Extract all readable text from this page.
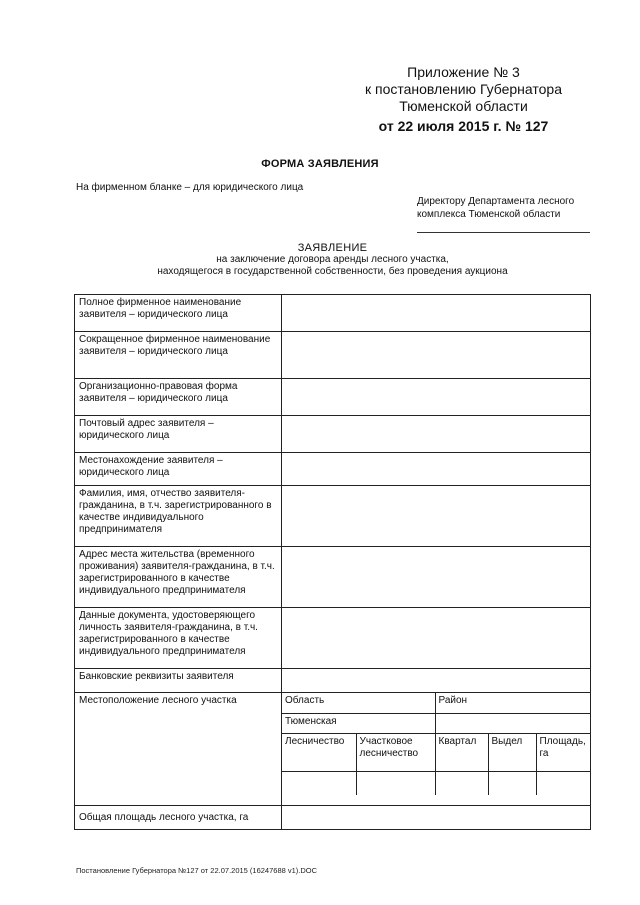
Приложение № 3
к постановлению Губернатора
Тюменской области
от 22 июля 2015 г. № 127
ФОРМА ЗАЯВЛЕНИЯ
На фирменном бланке – для юридического лица
Директору Департамента лесного
комплекса Тюменской области
ЗАЯВЛЕНИЕ
на заключение договора аренды лесного участка,
находящегося в государственной собственности, без проведения аукциона
Полное фирменное наименование заявителя – юридического лица	
Сокращенное фирменное наименование заявителя – юридического лица	
Организационно-правовая форма заявителя – юридического лица	
Почтовый адрес заявителя – юридического лица	
Местонахождение заявителя – юридического лица	
Фамилия, имя, отчество заявителя-гражданина, в т.ч. зарегистрированного в качестве индивидуального предпринимателя	
Адрес места жительства (временного проживания) заявителя-гражданина, в т.ч. зарегистрированного в качестве индивидуального предпринимателя	
Данные документа, удостоверяющего личность заявителя-гражданина, в т.ч. зарегистрированного в качестве индивидуального предпринимателя	
Банковские реквизиты заявителя	
Местоположение лесного участка		Область	Район
Тюменская	
Лесничество	Участковое лесничество	Квартал	Выдел	Площадь, га

Общая площадь лесного участка, га	
Постановление Губернатора №127 от 22.07.2015 (16247688 v1).DOC
